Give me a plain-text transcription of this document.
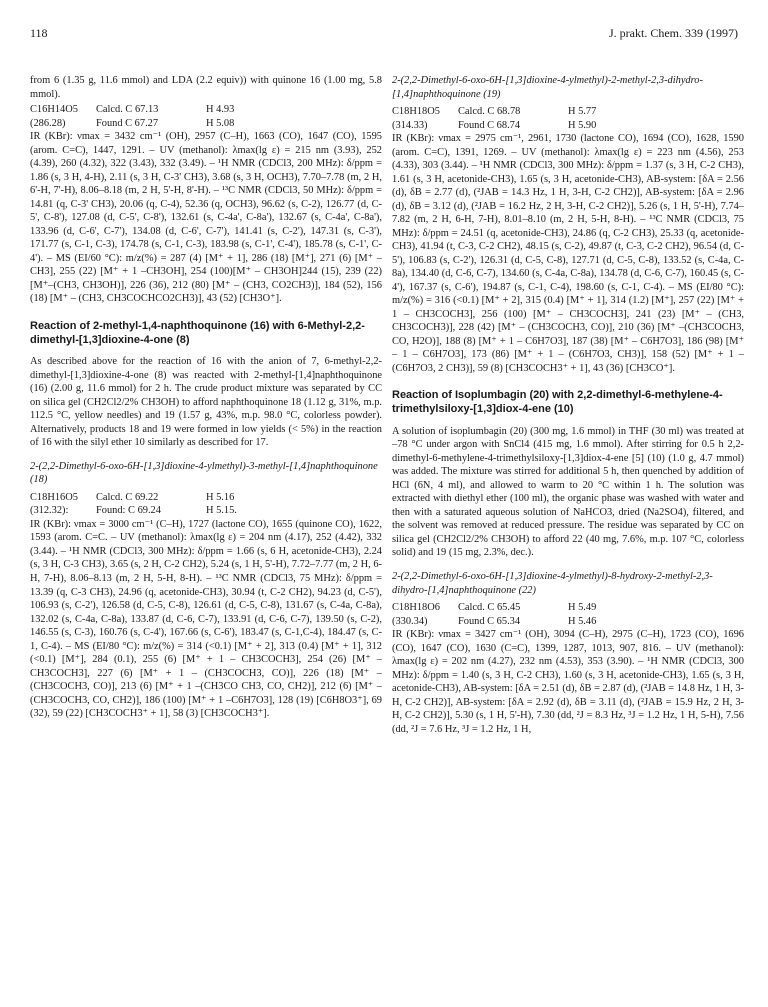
118	J. prakt. Chem. 339 (1997)

from 6 (1.35 g, 11.6 mmol) and LDA (2.2 equiv)) with quinone 16 (1.00 mg, 5.8 mmol).

C16H14O5	Calcd. C 67.13	H 4.93
(286.28)	Found C 67.27	H 5.08

IR (KBr): νmax = 3432 cm⁻¹ (OH), 2957 (C–H), 1663 (CO), 1647 (CO), 1595 (arom. C=C), 1447, 1291. – UV (methanol): λmax(lg ε) = 215 nm (3.93), 252 (4.39), 260 (4.32), 322 (3.43), 332 (3.49). – ¹H NMR (CDCl3, 200 MHz): δ/ppm = 1.86 (s, 3 H, 4-H), 2.11 (s, 3 H, C-3' CH3), 3.68 (s, 3 H, OCH3), 7.70–7.78 (m, 2 H, 6'-H, 7'-H), 8.06–8.18 (m, 2 H, 5'-H, 8'-H). – ¹³C NMR (CDCl3, 50 MHz): δ/ppm = 14.81 (q, C-3' CH3), 20.06 (q, C-4), 52.36 (q, OCH3), 96.62 (s, C-2), 126.77 (d, C-5', C-8'), 127.08 (d, C-5', C-8'), 132.61 (s, C-4a', C-8a'), 132.67 (s, C-4a', C-8a'), 133.96 (d, C-6', C-7'), 134.08 (d, C-6', C-7'), 141.41 (s, C-2'), 147.31 (s, C-3'), 171.77 (s, C-1, C-3), 174.78 (s, C-1, C-3), 183.98 (s, C-1', C-4'), 185.78 (s, C-1', C-4'). – MS (EI/60 °C): m/z(%) = 287 (4) [M⁺ + 1], 286 (18) [M⁺], 271 (6) [M⁺ – CH3], 255 (22) [M⁺ + 1 –CH3OH], 254 (100)[M⁺ – CH3OH]244 (15), 239 (22) [M⁺–(CH3, CH3OH)], 226 (36), 212 (80) [M⁺ – (CH3, CO2CH3)], 184 (52), 156 (18) [M⁺ – (CH3, CH3COCHCO2CH3)], 43 (52) [CH3O⁺].

Reaction of 2-methyl-1,4-naphthoquinone (16) with 6-Methyl-2,2-dimethyl-[1,3]dioxine-4-one (8)

As described above for the reaction of 16 with the anion of 7, 6-methyl-2,2-dimethyl-[1,3]dioxine-4-one (8) was reacted with 2-methyl-[1,4]naphthoquinone (16) (2.00 g, 11.6 mmol) for 2 h. The crude product mixture was separated by CC on silica gel (CH2Cl2/2% CH3OH) to afford naphthoquinone 18 (1.12 g, 31%, m.p. 112.5 °C, yellow needles) and 19 (1.57 g, 43%, m.p. 98.0 °C, colorless powder). Alternatively, products 18 and 19 were formed in low yields (< 5%) in the reaction of 16 with the silyl ether 10 similarly as described for 17.

2-(2,2-Dimethyl-6-oxo-6H-[1,3]dioxine-4-ylmethyl)-3-methyl-[1,4]naphthoquinone (18)
C18H16O5	Calcd. C 69.22	H 5.16
(312.32):	Found: C 69.24	H 5.15.

IR (KBr): νmax = 3000 cm⁻¹ (C–H), 1727 (lactone CO), 1655 (quinone CO), 1622, 1593 (arom. C=C. – UV (methanol): λmax(lg ε) = 204 nm (4.17), 252 (4.42), 332 (3.44). – ¹H NMR (CDCl3, 300 MHz): δ/ppm = 1.66 (s, 6 H, acetonide-CH3), 2.24 (s, 3 H, C-3 CH3), 3.65 (s, 2 H, C-2 CH2), 5.24 (s, 1 H, 5'-H), 7.72–7.77 (m, 2 H, 6-H, 7-H), 8.06–8.13 (m, 2 H, 5-H, 8-H). – ¹³C NMR (CDCl3, 75 MHz): δ/ppm = 13.39 (q, C-3 CH3), 24.96 (q, acetonide-CH3), 30.94 (t, C-2 CH2), 94.23 (d, C-5'), 106.93 (s, C-2'), 126.58 (d, C-5, C-8), 126.61 (d, C-5, C-8), 131.67 (s, C-4a, C-8a), 132.02 (s, C-4a, C-8a), 133.87 (d, C-6, C-7), 133.91 (d, C-6, C-7), 139.50 (s, C-2), 146.55 (s, C-3), 160.76 (s, C-4'), 167.66 (s, C-6'), 183.47 (s, C-1,C-4), 184.47 (s, C-1, C-4). – MS (EI/80 °C): m/z(%) = 314 (<0.1) [M⁺ + 2], 313 (0.4) [M⁺ + 1], 312 (<0.1) [M⁺], 284 (0.1), 255 (6) [M⁺ + 1 – CH3COCH3], 254 (26) [M⁺ – CH3COCH3], 227 (6) [M⁺ + 1 – (CH3COCH3, CO)], 226 (18) [M⁺ – (CH3COCH3, CO)], 213 (6) [M⁺ + 1 –(CH3CO CH3, CO, CH2)], 212 (6) [M⁺ – (CH3COCH3, CO, CH2)], 186 (100) [M⁺ + 1 –C6H7O3], 128 (19) [C6H8O3⁺], 69 (32), 59 (22) [CH3COCH3⁺ + 1], 58 (3) [CH3COCH3⁺].

2-(2,2-Dimethyl-6-oxo-6H-[1,3]dioxine-4-ylmethyl)-2-methyl-2,3-dihydro-[1,4]naphthoquinone (19)
C18H18O5	Calcd. C 68.78	H 5.77
(314.33)	Found C 68.74	H 5.90

IR (KBr): νmax = 2975 cm⁻¹, 2961, 1730 (lactone CO), 1694 (CO), 1628, 1590 (arom. C=C), 1391, 1269. – UV (methanol): λmax(lg ε) = 223 nm (4.56), 253 (4.33), 303 (3.44). – ¹H NMR (CDCl3, 300 MHz): δ/ppm = 1.37 (s, 3 H, C-2 CH3), 1.61 (s, 3 H, acetonide-CH3), 1.65 (s, 3 H, acetonide-CH3), AB-system: [δA = 2.56 (d), δB = 2.77 (d), (²JAB = 14.3 Hz, 1 H, 3-H, C-2 CH2)], AB-system: [δA = 2.96 (d), δB = 3.12 (d), (²JAB = 16.2 Hz, 2 H, 3-H, C-2 CH2)], 5.26 (s, 1 H, 5'-H), 7.74–7.82 (m, 2 H, 6-H, 7-H), 8.01–8.10 (m, 2 H, 5-H, 8-H). – ¹³C NMR (CDCl3, 75 MHz): δ/ppm = 24.51 (q, acetonide-CH3), 24.86 (q, C-2 CH3), 25.33 (q, acetonide-CH3), 41.94 (t, C-3, C-2 CH2), 48.15 (s, C-2), 49.87 (t, C-3, C-2 CH2), 96.54 (d, C-5'), 106.83 (s, C-2'), 126.31 (d, C-5, C-8), 127.71 (d, C-5, C-8), 133.52 (s, C-4a, C-8a), 134.40 (d, C-6, C-7), 134.60 (s, C-4a, C-8a), 134.78 (d, C-6, C-7), 160.45 (s, C-4'), 167.37 (s, C-6'), 194.87 (s, C-1, C-4), 198.60 (s, C-1, C-4). – MS (EI/80 °C): m/z(%) = 316 (<0.1) [M⁺ + 2], 315 (0.4) [M⁺ + 1], 314 (1.2) [M⁺], 257 (22) [M⁺ + 1 – CH3COCH3], 256 (100) [M⁺ – CH3COCH3], 241 (23) [M⁺ – (CH3, CH3COCH3)], 228 (42) [M⁺ – (CH3COCH3, CO)], 210 (36) [M⁺ –(CH3COCH3, CO, H2O)], 188 (8) [M⁺ + 1 – C6H7O3], 187 (38) [M⁺ – C6H7O3], 186 (98) [M⁺ – 1 – C6H7O3], 173 (86) [M⁺ + 1 – (C6H7O3, CH3)], 158 (52) [M⁺ + 1 –(C6H7O3, 2 CH3)], 59 (8) [CH3COCH3⁺ + 1], 43 (36) [CH3CO⁺].

Reaction of Isoplumbagin (20) with 2,2-dimethyl-6-methylene-4-trimethylsiloxy-[1,3]diox-4-ene (10)

A solution of isoplumbagin (20) (300 mg, 1.6 mmol) in THF (30 ml) was treated at –78 °C under argon with SnCl4 (415 mg, 1.6 mmol). After stirring for 0.5 h 2,2-dimethyl-6-methylene-4-trimethylsiloxy-[1,3]diox-4-ene [5] (10) (1.0 g, 4.7 mmol) was added. The mixture was stirred for additional 5 h, then quenched by addition of HCl (6N, 4 ml), and allowed to warm to 20 °C within 1 h. The solution was extracted with diethyl ether (100 ml), the organic phase was washed with water and then with a saturated aqueous solution of NaHCO3, dried (Na2SO4), filtered, and the solvent was removed at reduced pressure. The residue was separated by CC on silica gel (CH2Cl2/2% CH3OH) to afford 22 (40 mg, 7.6%, m.p. 107 °C, colorless solid) and 19 (15 mg, 2.3%, dec.).

2-(2,2-Dimethyl-6-oxo-6H-[1,3]dioxine-4-ylmethyl)-8-hydroxy-2-methyl-2,3-dihydro-[1,4]naphthoquinone (22)
C18H18O6	Calcd. C 65.45	H 5.49
(330.34)	Found C 65.34	H 5.46

IR (KBr): νmax = 3427 cm⁻¹ (OH), 3094 (C–H), 2975 (C–H), 1723 (CO), 1696 (CO), 1647 (CO), 1630 (C=C), 1399, 1287, 1013, 907, 816. – UV (methanol): λmax(lg ε) = 202 nm (4.27), 232 nm (4.53), 353 (3.90). – ¹H NMR (CDCl3, 300 MHz): δ/ppm = 1.40 (s, 3 H, C-2 CH3), 1.60 (s, 3 H, acetonide-CH3), 1.65 (s, 3 H, acetonide-CH3), AB-system: [δA = 2.51 (d), δB = 2.87 (d), (²JAB = 14.8 Hz, 1 H, 3-H, C-2 CH2)], AB-system: [δA = 2.92 (d), δB = 3.11 (d), (²JAB = 15.9 Hz, 2 H, 3-H, C-2 CH2)], 5.30 (s, 1 H, 5'-H), 7.30 (dd, ²J = 8.3 Hz, ³J = 1.2 Hz, 1 H, 5-H), 7.56 (dd, ²J = 7.6 Hz, ³J = 1.2 Hz, 1 H,
